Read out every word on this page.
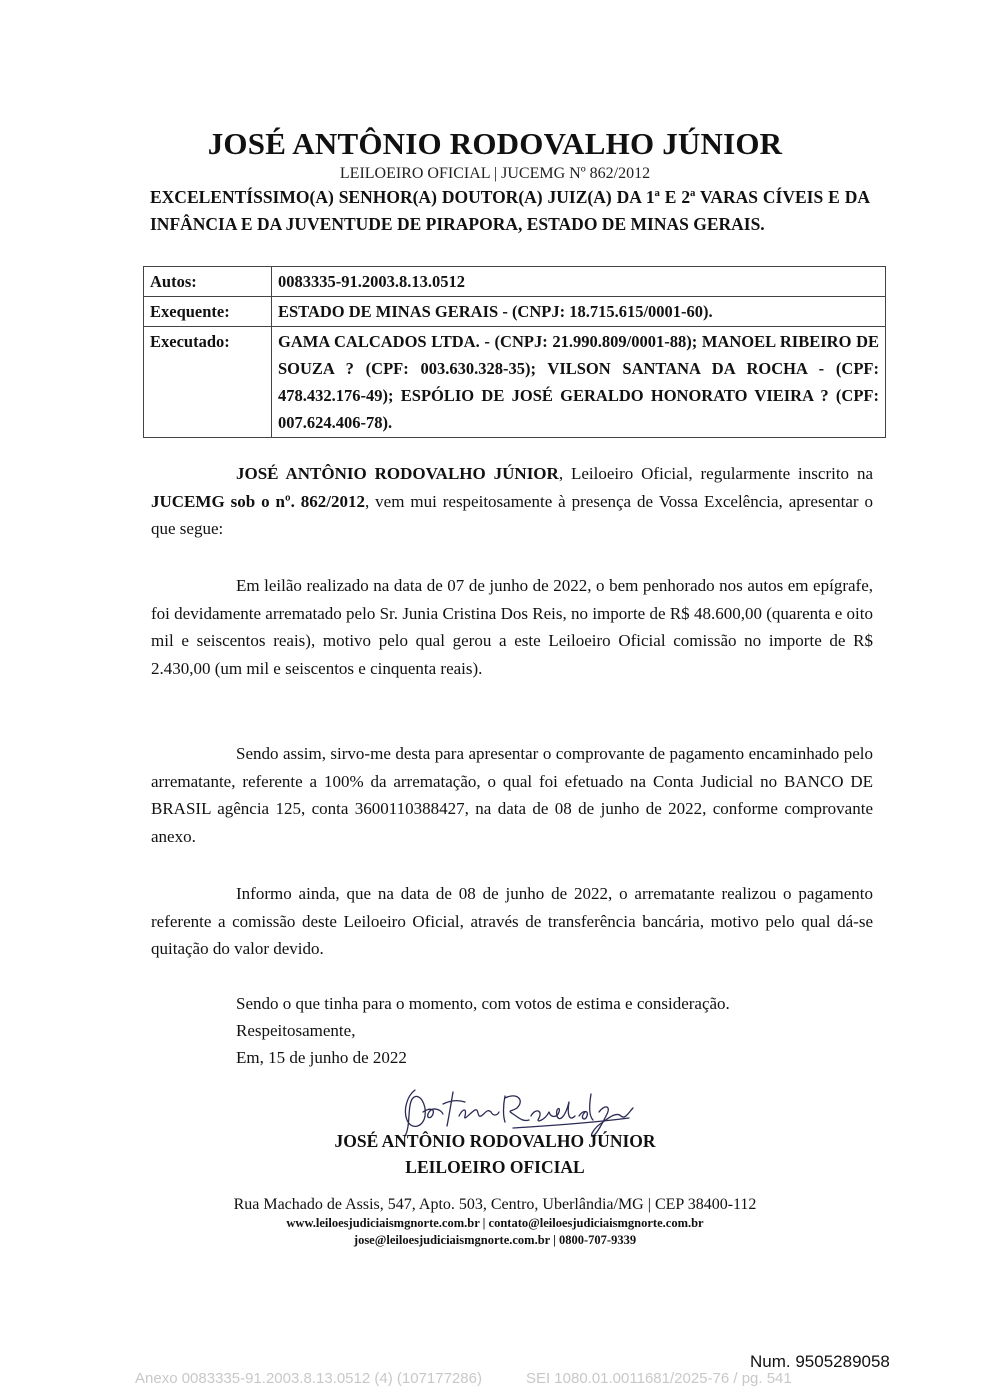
JOSÉ ANTÔNIO RODOVALHO JÚNIOR
LEILOEIRO OFICIAL | JUCEMG Nº 862/2012
EXCELENTÍSSIMO(A) SENHOR(A) DOUTOR(A) JUIZ(A) DA 1ª E 2ª VARAS CÍVEIS E DA INFÂNCIA E DA JUVENTUDE DE PIRAPORA, ESTADO DE MINAS GERAIS.
Autos:	0083335-91.2003.8.13.0512
Exequente:	ESTADO DE MINAS GERAIS - (CNPJ: 18.715.615/0001-60).
Executado:	GAMA CALCADOS LTDA. - (CNPJ: 21.990.809/0001-88); MANOEL RIBEIRO DE SOUZA ? (CPF: 003.630.328-35); VILSON SANTANA DA ROCHA - (CPF: 478.432.176-49); ESPÓLIO DE JOSÉ GERALDO HONORATO VIEIRA ? (CPF: 007.624.406-78).
JOSÉ ANTÔNIO RODOVALHO JÚNIOR, Leiloeiro Oficial, regularmente inscrito na JUCEMG sob o nº. 862/2012, vem mui respeitosamente à presença de Vossa Excelência, apresentar o que segue:
Em leilão realizado na data de 07 de junho de 2022, o bem penhorado nos autos em epígrafe, foi devidamente arrematado pelo Sr. Junia Cristina Dos Reis, no importe de R$ 48.600,00 (quarenta e oito mil e seiscentos reais), motivo pelo qual gerou a este Leiloeiro Oficial comissão no importe de R$ 2.430,00 (um mil e seiscentos e cinquenta reais).
Sendo assim, sirvo-me desta para apresentar o comprovante de pagamento encaminhado pelo arrematante, referente a 100% da arrematação, o qual foi efetuado na Conta Judicial no BANCO DE BRASIL agência 125, conta 3600110388427, na data de 08 de junho de 2022, conforme comprovante anexo.
Informo ainda, que na data de 08 de junho de 2022, o arrematante realizou o pagamento referente a comissão deste Leiloeiro Oficial, através de transferência bancária, motivo pelo qual dá-se quitação do valor devido.
Sendo o que tinha para o momento, com votos de estima e consideração.
Respeitosamente,
Em, 15 de junho de 2022
JOSÉ ANTÔNIO RODOVALHO JÚNIOR
LEILOEIRO OFICIAL
Rua Machado de Assis, 547, Apto. 503, Centro, Uberlândia/MG | CEP 38400-112
www.leiloesjudiciaismgnorte.com.br | contato@leiloesjudiciaismgnorte.com.br
jose@leiloesjudiciaismgnorte.com.br | 0800-707-9339
Num. 9505289058
Anexo 0083335-91.2003.8.13.0512 (4) (107177286)	SEI 1080.01.0011681/2025-76 / pg. 541
